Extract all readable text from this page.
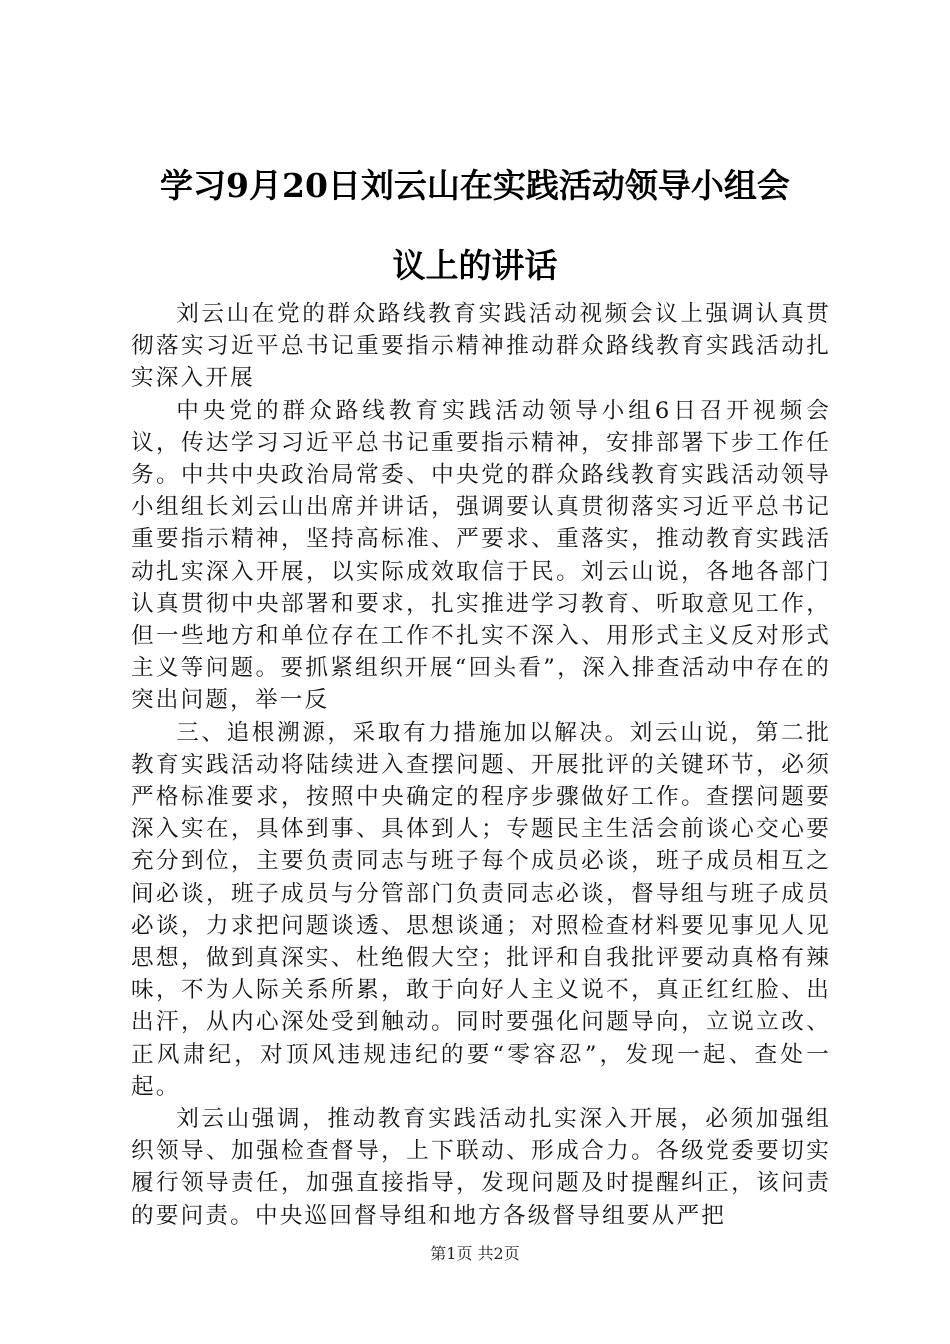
学习9月20日刘云山在实践活动领导小组会
议上的讲话

刘云山在党的群众路线教育实践活动视频会议上强调认真贯彻落实习近平总书记重要指示精神推动群众路线教育实践活动扎实深入开展

中央党的群众路线教育实践活动领导小组6日召开视频会议，传达学习习近平总书记重要指示精神，安排部署下步工作任务。中共中央政治局常委、中央党的群众路线教育实践活动领导小组组长刘云山出席并讲话，强调要认真贯彻落实习近平总书记重要指示精神，坚持高标准、严要求、重落实，推动教育实践活动扎实深入开展，以实际成效取信于民。刘云山说，各地各部门认真贯彻中央部署和要求，扎实推进学习教育、听取意见工作，但一些地方和单位存在工作不扎实不深入、用形式主义反对形式主义等问题。要抓紧组织开展“回头看”，深入排查活动中存在的突出问题，举一反

三、追根溯源，采取有力措施加以解决。刘云山说，第二批教育实践活动将陆续进入查摆问题、开展批评的关键环节，必须严格标准要求，按照中央确定的程序步骤做好工作。查摆问题要深入实在，具体到事、具体到人；专题民主生活会前谈心交心要充分到位，主要负责同志与班子每个成员必谈，班子成员相互之间必谈，班子成员与分管部门负责同志必谈，督导组与班子成员必谈，力求把问题谈透、思想谈通；对照检查材料要见事见人见思想，做到真深实、杜绝假大空；批评和自我批评要动真格有辣味，不为人际关系所累，敢于向好人主义说不，真正红红脸、出出汗，从内心深处受到触动。同时要强化问题导向，立说立改、正风肃纪，对顶风违规违纪的要“零容忍”，发现一起、查处一起。

刘云山强调，推动教育实践活动扎实深入开展，必须加强组织领导、加强检查督导，上下联动、形成合力。各级党委要切实履行领导责任，加强直接指导，发现问题及时提醒纠正，该问责的要问责。中央巡回督导组和地方各级督导组要从严把

第1页 共2页
